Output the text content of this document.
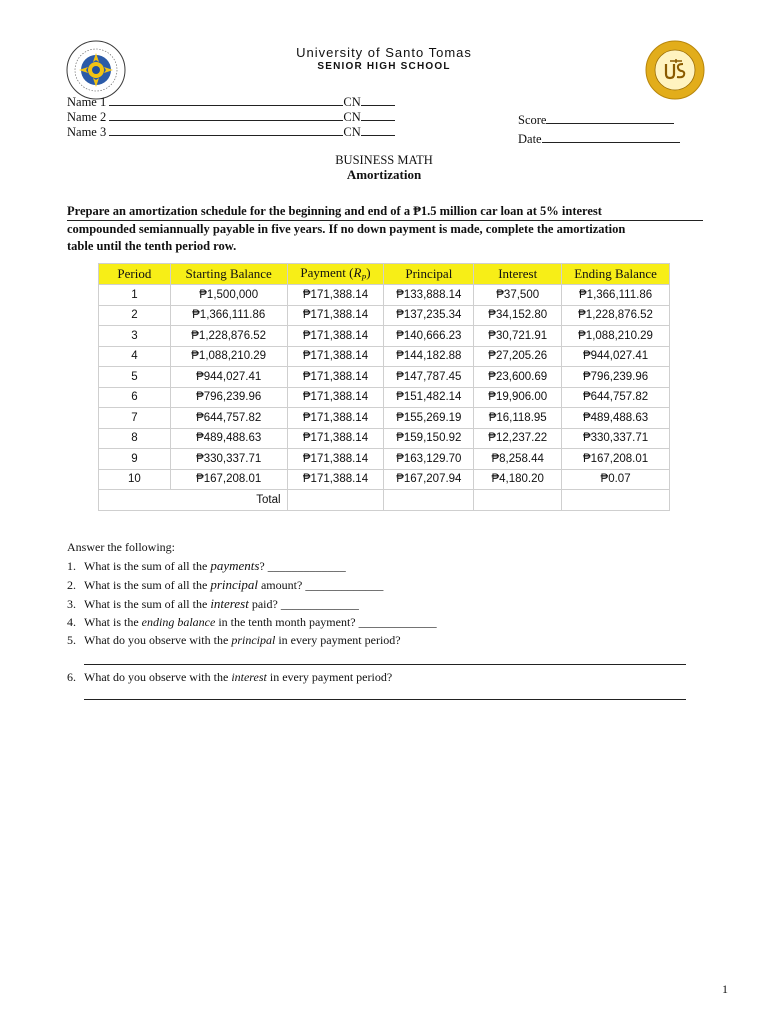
University of Santo Tomas
SENIOR HIGH SCHOOL
Name 1	CN
Name 2	CN
Name 3	CN
Score
Date
BUSINESS MATH
Amortization
Prepare an amortization schedule for the beginning and end of a ₱1.5 million car loan at 5% interest
compounded semiannually payable in five years. If no down payment is made, complete the amortization
table until the tenth period row.
Period	Starting Balance	Payment $(R_P)$	Principal	Interest	Ending Balance
1	₱1,500,000	₱171,388.14	₱133,888.14	₱37,500	₱1,366,111.86
2	₱1,366,111.86	₱171,388.14	₱137,235.34	₱34,152.80	₱1,228,876.52
3	₱1,228,876.52	₱171,388.14	₱140,666.23	₱30,721.91	₱1,088,210.29
4	₱1,088,210.29	₱171,388.14	₱144,182.88	₱27,205.26	₱944,027.41
5	₱944,027.41	₱171,388.14	₱147,787.45	₱23,600.69	₱796,239.96
6	₱796,239.96	₱171,388.14	₱151,482.14	₱19,906.00	₱644,757.82
7	₱644,757.82	₱171,388.14	₱155,269.19	₱16,118.95	₱489,488.63
8	₱489,488.63	₱171,388.14	₱159,150.92	₱12,237.22	₱330,337.71
9	₱330,337.71	₱171,388.14	₱163,129.70	₱8,258.44	₱167,208.01
10	₱167,208.01	₱171,388.14	₱167,207.94	₱4,180.20	₱0.07
Total					
Answer the following:
1. What is the sum of all the payments? _____________
2. What is the sum of all the principal amount? _____________
3. What is the sum of all the interest paid? _____________
4. What is the ending balance in the tenth month payment? _____________
5. What do you observe with the principal in every payment period?
6. What do you observe with the interest in every payment period?
1
